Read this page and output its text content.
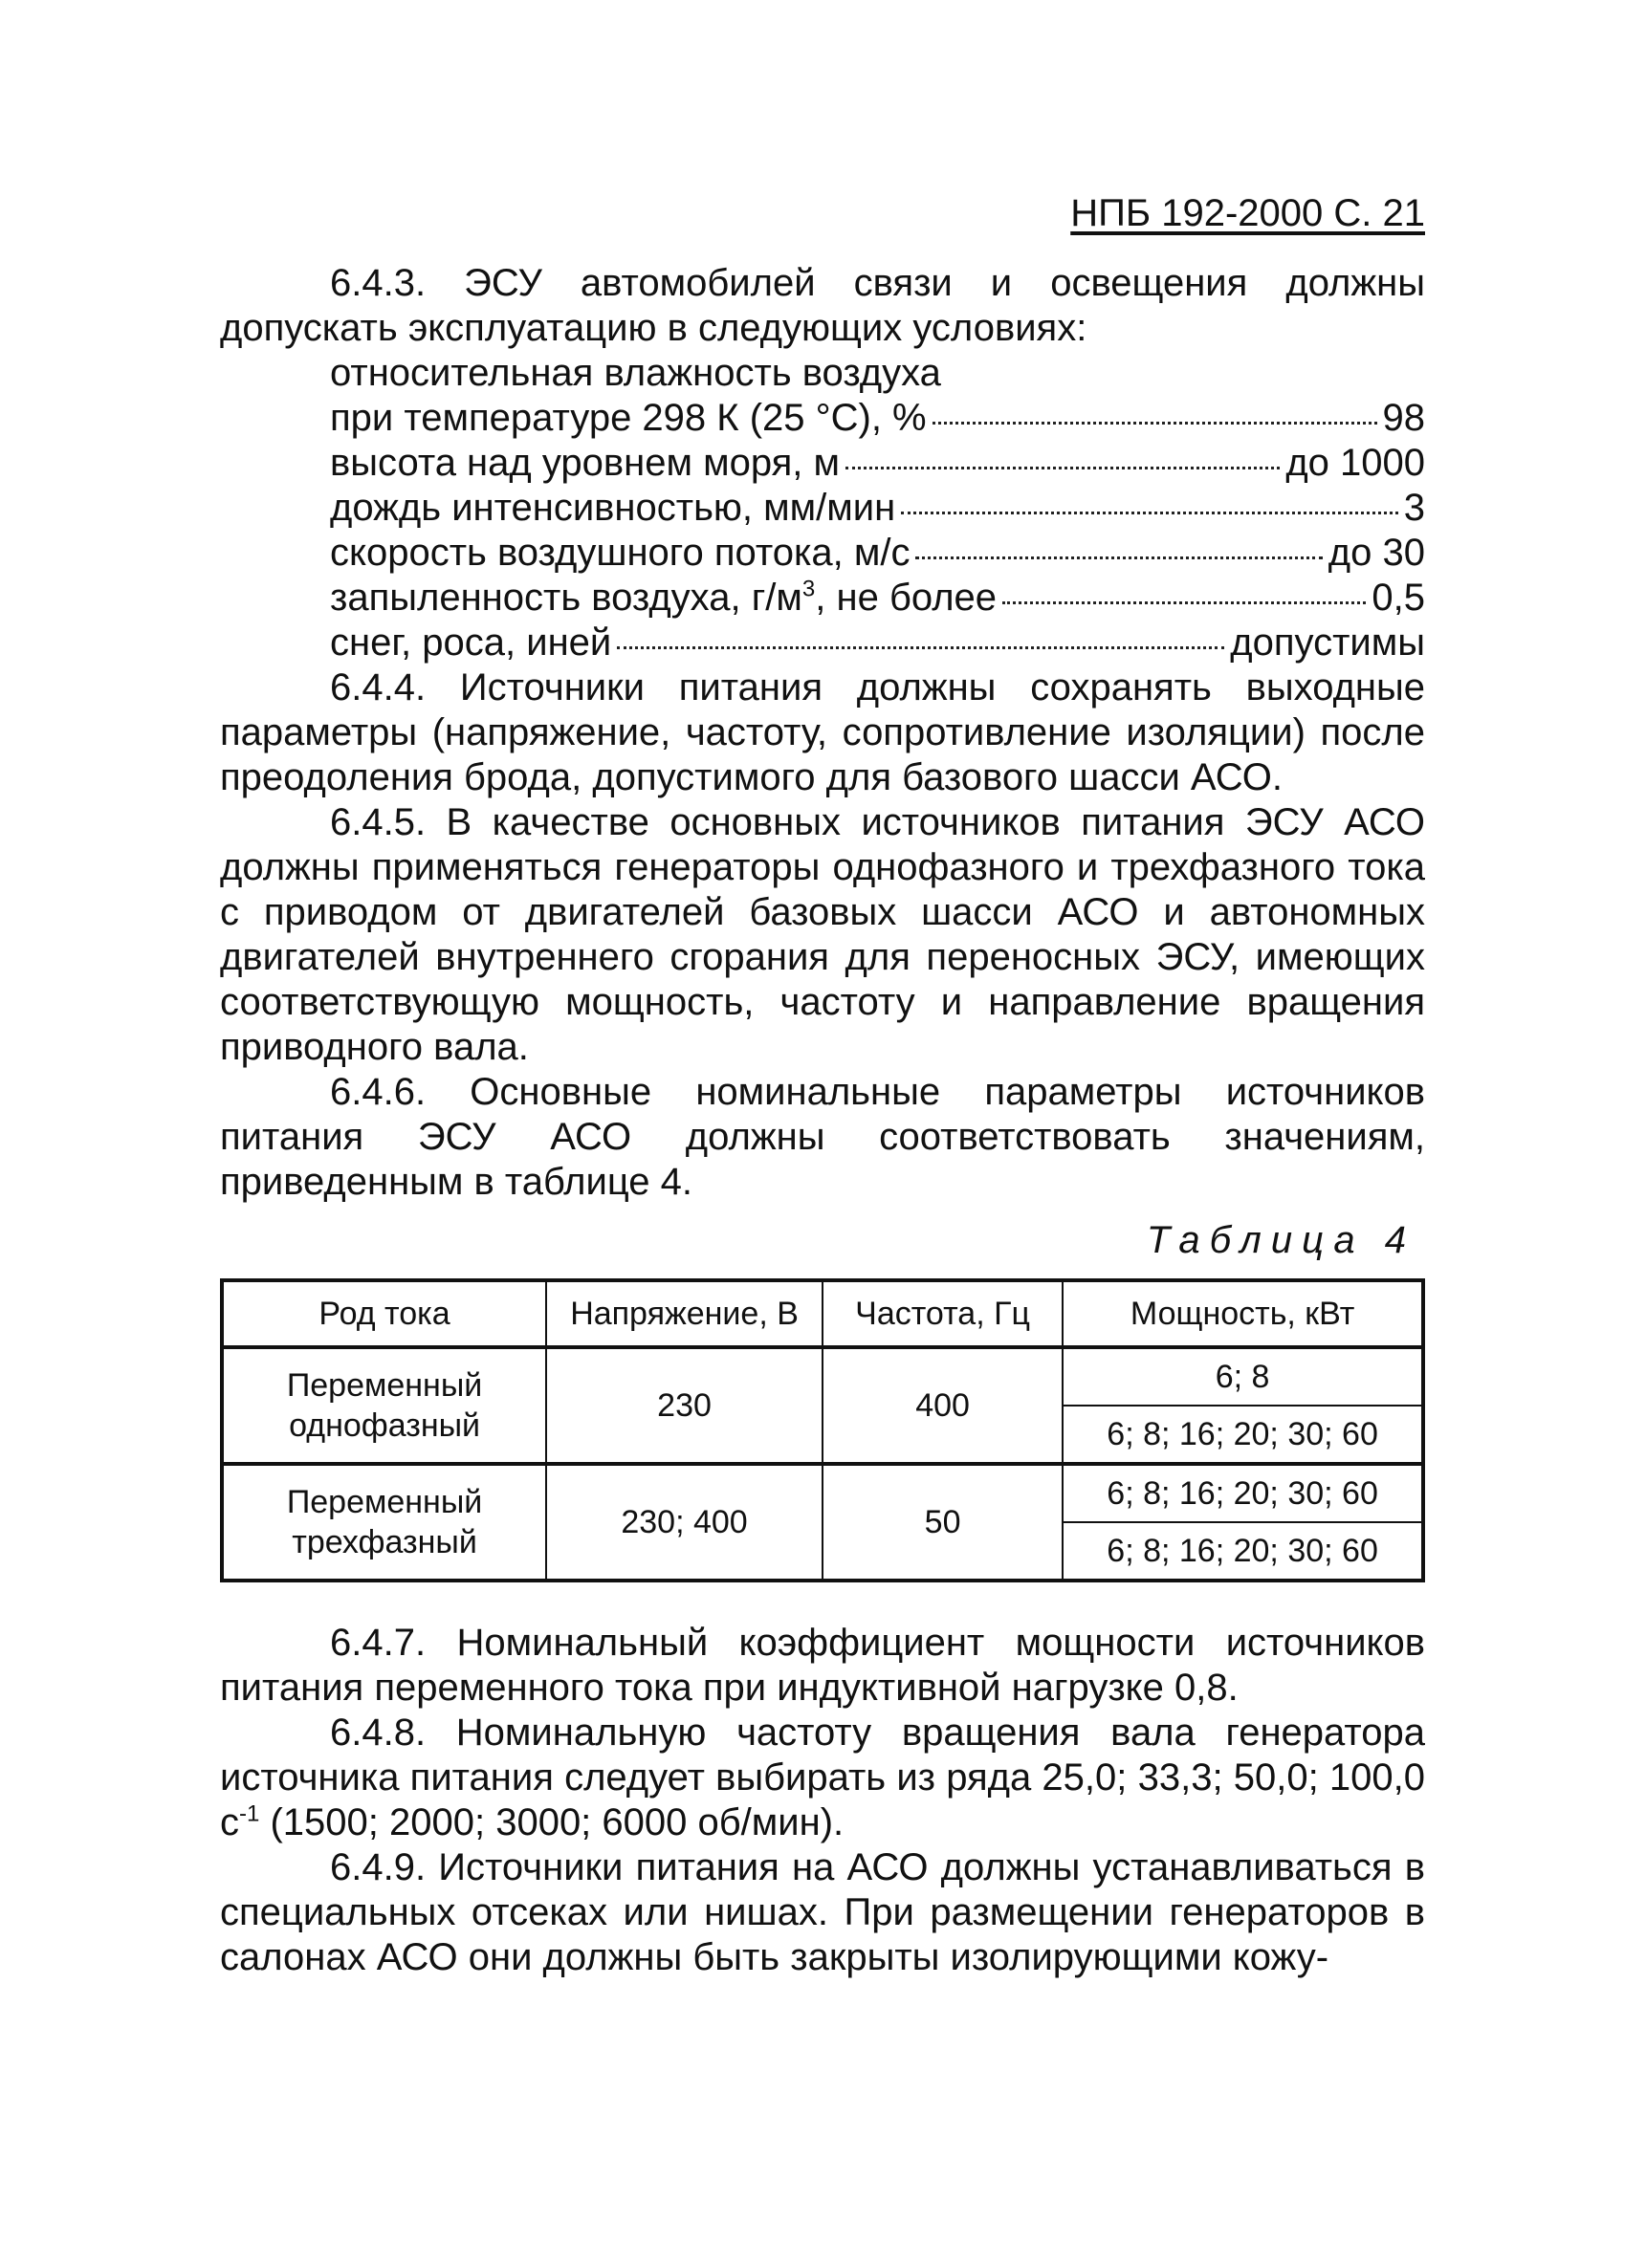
НПБ 192-2000 С. 21

6.4.3. ЭСУ автомобилей связи и освещения должны допускать эксплуатацию в следующих условиях:

относительная влажность воздуха
при температуре 298 К (25 °С), %	98
высота над уровнем моря, м	до 1000
дождь интенсивностью, мм/мин	3
скорость воздушного потока, м/с	до 30
запыленность воздуха, $г/м^3$, не более	0,5
снег, роса, иней	допустимы

6.4.4. Источники питания должны сохранять выходные параметры (напряжение, частоту, сопротивление изоляции) после преодоления брода, допустимого для базового шасси АСО.

6.4.5. В качестве основных источников питания ЭСУ АСО должны применяться генераторы однофазного и трехфазного тока с приводом от двигателей базовых шасси АСО и автономных двигателей внутреннего сгорания для переносных ЭСУ, имеющих соответствующую мощность, частоту и направление вращения приводного вала.

6.4.6. Основные номинальные параметры источников питания ЭСУ АСО должны соответствовать значениям, приведенным в таблице 4.

Таблица 4
Род тока	Напряжение, В	Частота, Гц	Мощность, кВт
Переменный однофазный	230	400	6; 8
			6; 8; 16; 20; 30; 60
Переменный трехфазный	230; 400	50	6; 8; 16; 20; 30; 60
			6; 8; 16; 20; 30; 60

6.4.7. Номинальный коэффициент мощности источников питания переменного тока при индуктивной нагрузке 0,8.

6.4.8. Номинальную частоту вращения вала генератора источника питания следует выбирать из ряда 25,0; 33,3; 50,0; 100,0 $с^{-1}$ (1500; 2000; 3000; 6000 об/мин).

6.4.9. Источники питания на АСО должны устанавливаться в специальных отсеках или нишах. При размещении генераторов в салонах АСО они должны быть закрыты изолирующими кожу-
